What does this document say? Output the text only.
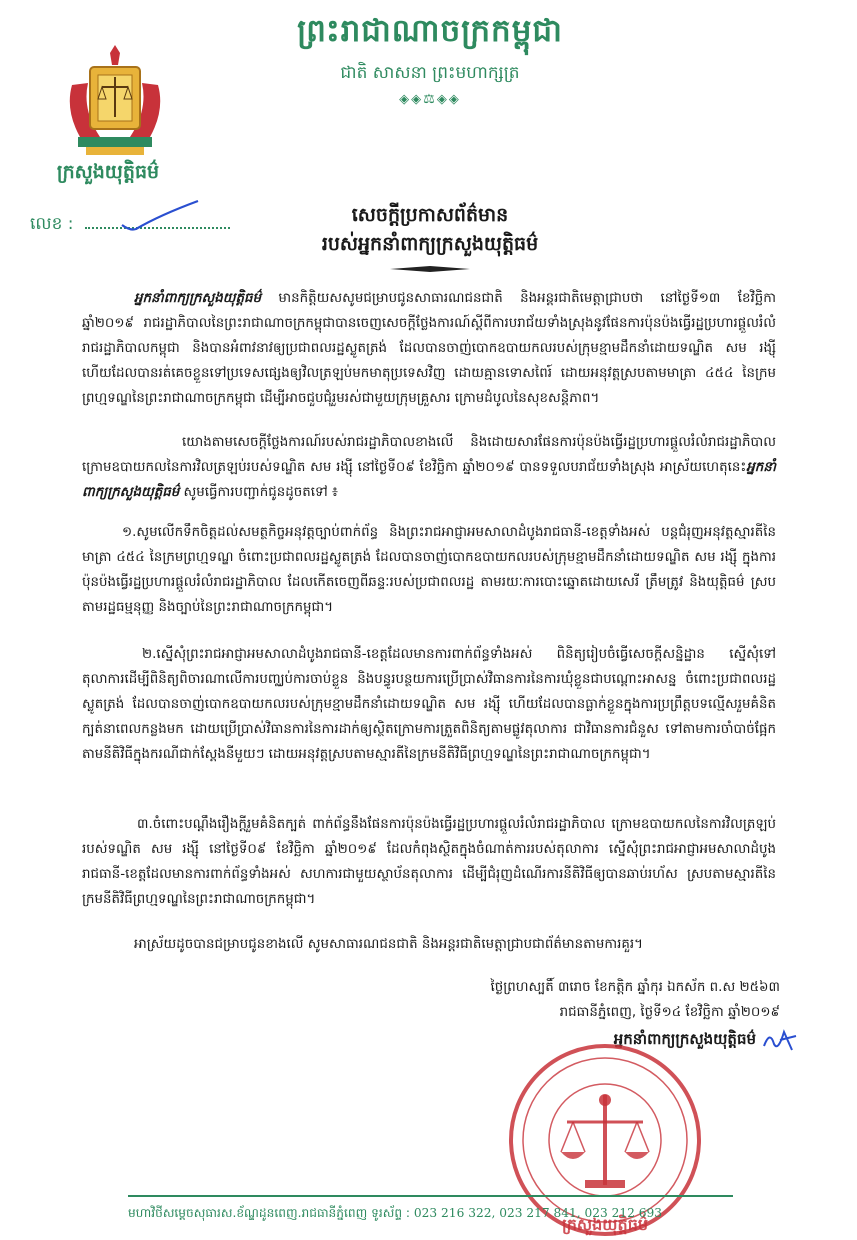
ព្រះរាជាណាចក្រកម្ពុជា
ជាតិ សាសនា ព្រះមហាក្សត្រ
◈◈⚖◈◈
ក្រសួងយុត្តិធម៌
លេខ :	សេចក្តីប្រកាសព័ត៌មាន
របស់អ្នកនាំពាក្យក្រសួងយុត្តិធម៌
អ្នកនាំពាក្យក្រសួងយុត្តិធម៌ មានកិត្តិយសសូមជម្រាបជូនសាធារណជនជាតិ និងអន្តរជាតិមេត្តាជ្រាបថា នៅថ្ងៃទី១៣ ខែវិច្ឆិកា ឆ្នាំ២០១៩ រាជរដ្ឋាភិបាលនៃព្រះរាជាណាចក្រកម្ពុជាបានចេញសេចក្តីថ្លែងការណ៍ស្តីពីការបរាជ័យទាំងស្រុងនូវផែនការប៉ុនប៉ងធ្វើរដ្ឋប្រហារផ្តួលរំលំរាជរដ្ឋាភិបាលកម្ពុជា និងបានអំពាវនាវឲ្យប្រជាពលរដ្ឋស្លូតត្រង់ ដែលបានចាញ់បោកឧបាយកលរបស់ក្រុមខ្មាមដឹកនាំដោយទណ្ឌិត សម រង្ស៊ី ហើយដែលបានរត់គេចខ្លួនទៅប្រទេសផ្សេងឲ្យវិលត្រឡប់មកមាតុប្រទេសវិញ ដោយគ្មានទោសពៃរ៍ ដោយអនុវត្តស្របតាមមាត្រា ៤៥៤ នៃក្រមព្រហ្មទណ្ឌនៃព្រះរាជាណាចក្រកម្ពុជា ដើម្បីអាចជួបជុំរួមរស់ជាមួយក្រុមគ្រួសារ ក្រោមដំបូលនៃសុខសន្តិភាព។
យោងតាមសេចក្តីថ្លែងការណ៍របស់រាជរដ្ឋាភិបាលខាងលើ និងដោយសារផែនការប៉ុនប៉ងធ្វើរដ្ឋប្រហារផ្តួលរំលំរាជរដ្ឋាភិបាល ក្រោមឧបាយកលនៃការវិលត្រឡប់របស់ទណ្ឌិត សម រង្ស៊ី នៅថ្ងៃទី០៩ ខែវិច្ឆិកា ឆ្នាំ២០១៩ បានទទួលបរាជ័យទាំងស្រុង អាស្រ័យហេតុនេះអ្នកនាំពាក្យក្រសួងយុត្តិធម៌ សូមធ្វើការបញ្ជាក់ជូនដូចតទៅ ៖
១.សូមលើកទឹកចិត្តដល់សមត្ថកិច្ចអនុវត្តច្បាប់ពាក់ព័ន្ធ និងព្រះរាជអាជ្ញាអមសាលាដំបូងរាជធានី-ខេត្តទាំងអស់ បន្តជំរុញអនុវត្តស្មារតីនៃមាត្រា ៤៥៤ នៃក្រមព្រហ្មទណ្ឌ ចំពោះប្រជាពលរដ្ឋស្លូតត្រង់ ដែលបានចាញ់បោកឧបាយកលរបស់ក្រុមខ្មាមដឹកនាំដោយទណ្ឌិត សម រង្ស៊ី ក្នុងការប៉ុនប៉ងធ្វើរដ្ឋប្រហារផ្តួលរំលំរាជរដ្ឋាភិបាល ដែលកើតចេញពីឆន្ទៈរបស់ប្រជាពលរដ្ឋ តាមរយៈការបោះឆ្នោតដោយសេរី ត្រឹមត្រូវ និងយុត្តិធម៌ ស្របតាមរដ្ឋធម្មនុញ្ញ និងច្បាប់នៃព្រះរាជាណាចក្រកម្ពុជា។
២.ស្នើសុំព្រះរាជអាជ្ញាអមសាលាដំបូងរាជធានី-ខេត្តដែលមានការពាក់ព័ន្ធទាំងអស់ ពិនិត្យរៀបចំធ្វើសេចក្តីសន្និដ្ឋាន ស្នើសុំទៅតុលាការដើម្បីពិនិត្យពិចារណាលើការបញ្ឈប់ការចាប់ខ្លួន និងបន្ធូរបន្ថយការប្រើប្រាស់វិធានការនៃការឃុំខ្លួនជាបណ្តោះអាសន្ន ចំពោះប្រជាពលរដ្ឋស្លូតត្រង់ ដែលបានចាញ់បោកឧបាយកលរបស់ក្រុមខ្មាមដឹកនាំដោយទណ្ឌិត សម រង្ស៊ី ហើយដែលបានធ្លាក់ខ្លួនក្នុងការប្រព្រឹត្តបទល្មើសរួមគំនិតក្បត់នាពេលកន្លងមក ដោយប្រើប្រាស់វិធានការនៃការដាក់ឲ្យស្ថិតក្រោមការត្រួតពិនិត្យតាមផ្លូវតុលាការ ជាវិធានការជំនួស ទៅតាមការចាំបាច់ផ្អែកតាមនីតិវិធីក្នុងករណីជាក់ស្តែងនីមួយៗ ដោយអនុវត្តស្របតាមស្មារតីនៃក្រមនីតិវិធីព្រហ្មទណ្ឌនៃព្រះរាជាណាចក្រកម្ពុជា។
៣.ចំពោះបណ្តឹងរឿងក្តីរួមគំនិតក្បត់ ពាក់ព័ន្ធនឹងផែនការប៉ុនប៉ងធ្វើរដ្ឋប្រហារផ្តួលរំលំរាជរដ្ឋាភិបាល ក្រោមឧបាយកលនៃការវិលត្រឡប់របស់ទណ្ឌិត សម រង្ស៊ី នៅថ្ងៃទី០៩ ខែវិច្ឆិកា ឆ្នាំ២០១៩ ដែលកំពុងស្ថិតក្នុងចំណាត់ការរបស់តុលាការ ស្នើសុំព្រះរាជអាជ្ញាអមសាលាដំបូងរាជធានី-ខេត្តដែលមានការពាក់ព័ន្ធទាំងអស់ សហការជាមួយស្ថាប័នតុលាការ ដើម្បីជំរុញដំណើរការនីតិវិធីឲ្យបានឆាប់រហ័ស ស្របតាមស្មារតីនៃក្រមនីតិវិធីព្រហ្មទណ្ឌនៃព្រះរាជាណាចក្រកម្ពុជា។
អាស្រ័យដូចបានជម្រាបជូនខាងលើ សូមសាធារណជនជាតិ និងអន្តរជាតិមេត្តាជ្រាបជាព័ត៌មានតាមការគួរ។
ថ្ងៃព្រហស្បតិ៍ ៣រោច ខែកត្តិក ឆ្នាំកុរ ឯកស័ក ព.ស ២៥៦៣
រាជធានីភ្នំពេញ, ថ្ងៃទី១៤ ខែវិច្ឆិកា ឆ្នាំ២០១៩
អ្នកនាំពាក្យក្រសួងយុត្តិធម៌
ក្រសួងយុត្តិធម៌
មហាវិថីសម្តេចសុធារស.ខ័ណ្ឌដូនពេញ.រាជធានីភ្នំពេញ ទូរស័ព្ទ : 023 216 322, 023 217 841, 023 212 693
